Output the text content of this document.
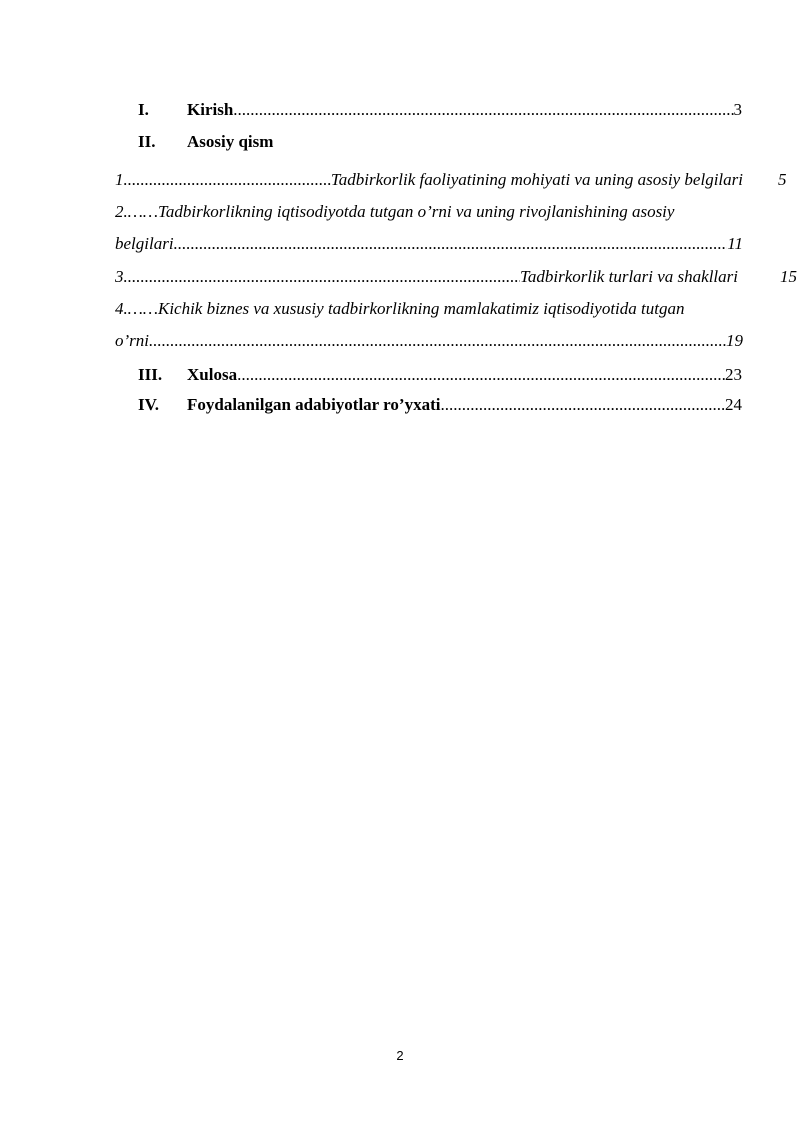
I. Kirish .....	3
II. Asosiy qism
1. .....	Tadbirkorlik faoliyatining mohiyati va uning asosiy belgilari 5
2.……Tadbirkorlikning iqtisodiyotda tutgan o’rni va uning rivojlanishining asosiy
belgilari .....	11
3. .....	Tadbirkorlik turlari va shakllari 15
4.……Kichik biznes va xususiy tadbirkorlikning mamlakatimiz iqtisodiyotida tutgan
o’rni .....	19
III. Xulosa .....	23
IV. Foydalanilgan adabiyotlar ro’yxati .....	24
2
